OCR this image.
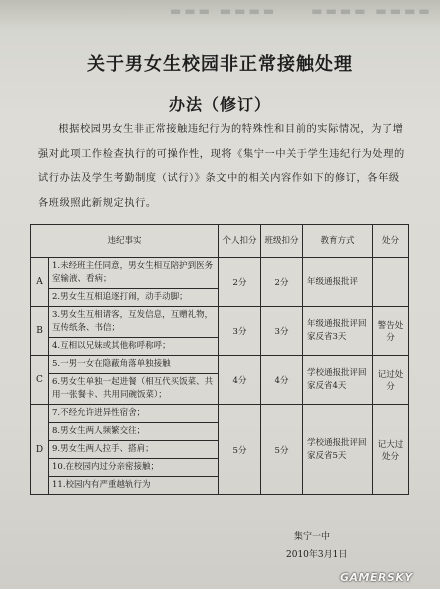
▬▬▬ ▬▬▬▬     ▬▬▬▬ ▬▬▬▬
关于男女生校园非正常接触处理
办法（修订）
根据校园男女生非正常接触违纪行为的特殊性和目前的实际情况，为了增强对此项工作检查执行的可操作性，现将《集宁一中关于学生违纪行为处理的试行办法及学生考勤制度（试行）》条文中的相关内容作如下的修订，各年级各班级照此新规定执行。
违纪事实		个人扣分	班级扣分	教育方式	处分
A	1.未经班主任同意，男女生相互陪护到医务室输液、看病；
2.男女生互相追逐打闹，动手动脚；	2分	2分	年级通报批评	
B	3.男女生互相请客，互发信息，互赠礼物，互传纸条、书信；
4.互相以兄妹或其他称呼称呼；	3分	3分	年级通报批评回家反省3天	警告处分
C	5.一男一女在隐蔽角落单独接触
6.男女生单独一起进餐（相互代买饭菜、共用一张餐卡、共用同碗饭菜）；	4分	4分	学校通报批评回家反省4天	记过处分
D	7.不经允许进异性宿舍；
8.男女生两人频繁交往；
9.男女生两人拉手、搭肩；
10.在校园内过分亲密接触；
11.校园内有严重越轨行为	5分	5分	学校通报批评回家反省5天	记大过处分
集宁一中
2010年3月1日
GAMERSKY
